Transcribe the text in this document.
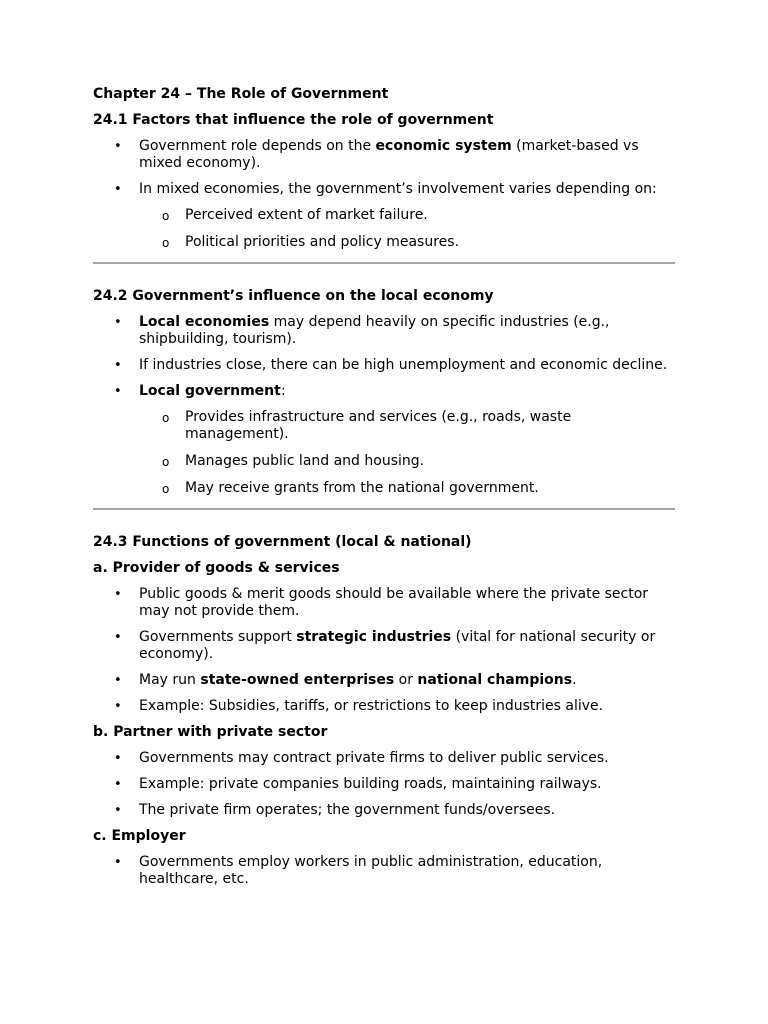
Chapter 24 – The Role of Government

24.1 Factors that influence the role of government

• Government role depends on the economic system (market-based vs mixed economy).
• In mixed economies, the government’s involvement varies depending on:
o Perceived extent of market failure.
o Political priorities and policy measures.

24.2 Government’s influence on the local economy

• Local economies may depend heavily on specific industries (e.g., shipbuilding, tourism).
• If industries close, there can be high unemployment and economic decline.
• Local government:
o Provides infrastructure and services (e.g., roads, waste management).
o Manages public land and housing.
o May receive grants from the national government.

24.3 Functions of government (local & national)

a. Provider of goods & services

• Public goods & merit goods should be available where the private sector may not provide them.
• Governments support strategic industries (vital for national security or economy).
• May run state-owned enterprises or national champions.
• Example: Subsidies, tariffs, or restrictions to keep industries alive.

b. Partner with private sector

• Governments may contract private firms to deliver public services.
• Example: private companies building roads, maintaining railways.
• The private firm operates; the government funds/oversees.

c. Employer

• Governments employ workers in public administration, education, healthcare, etc.
